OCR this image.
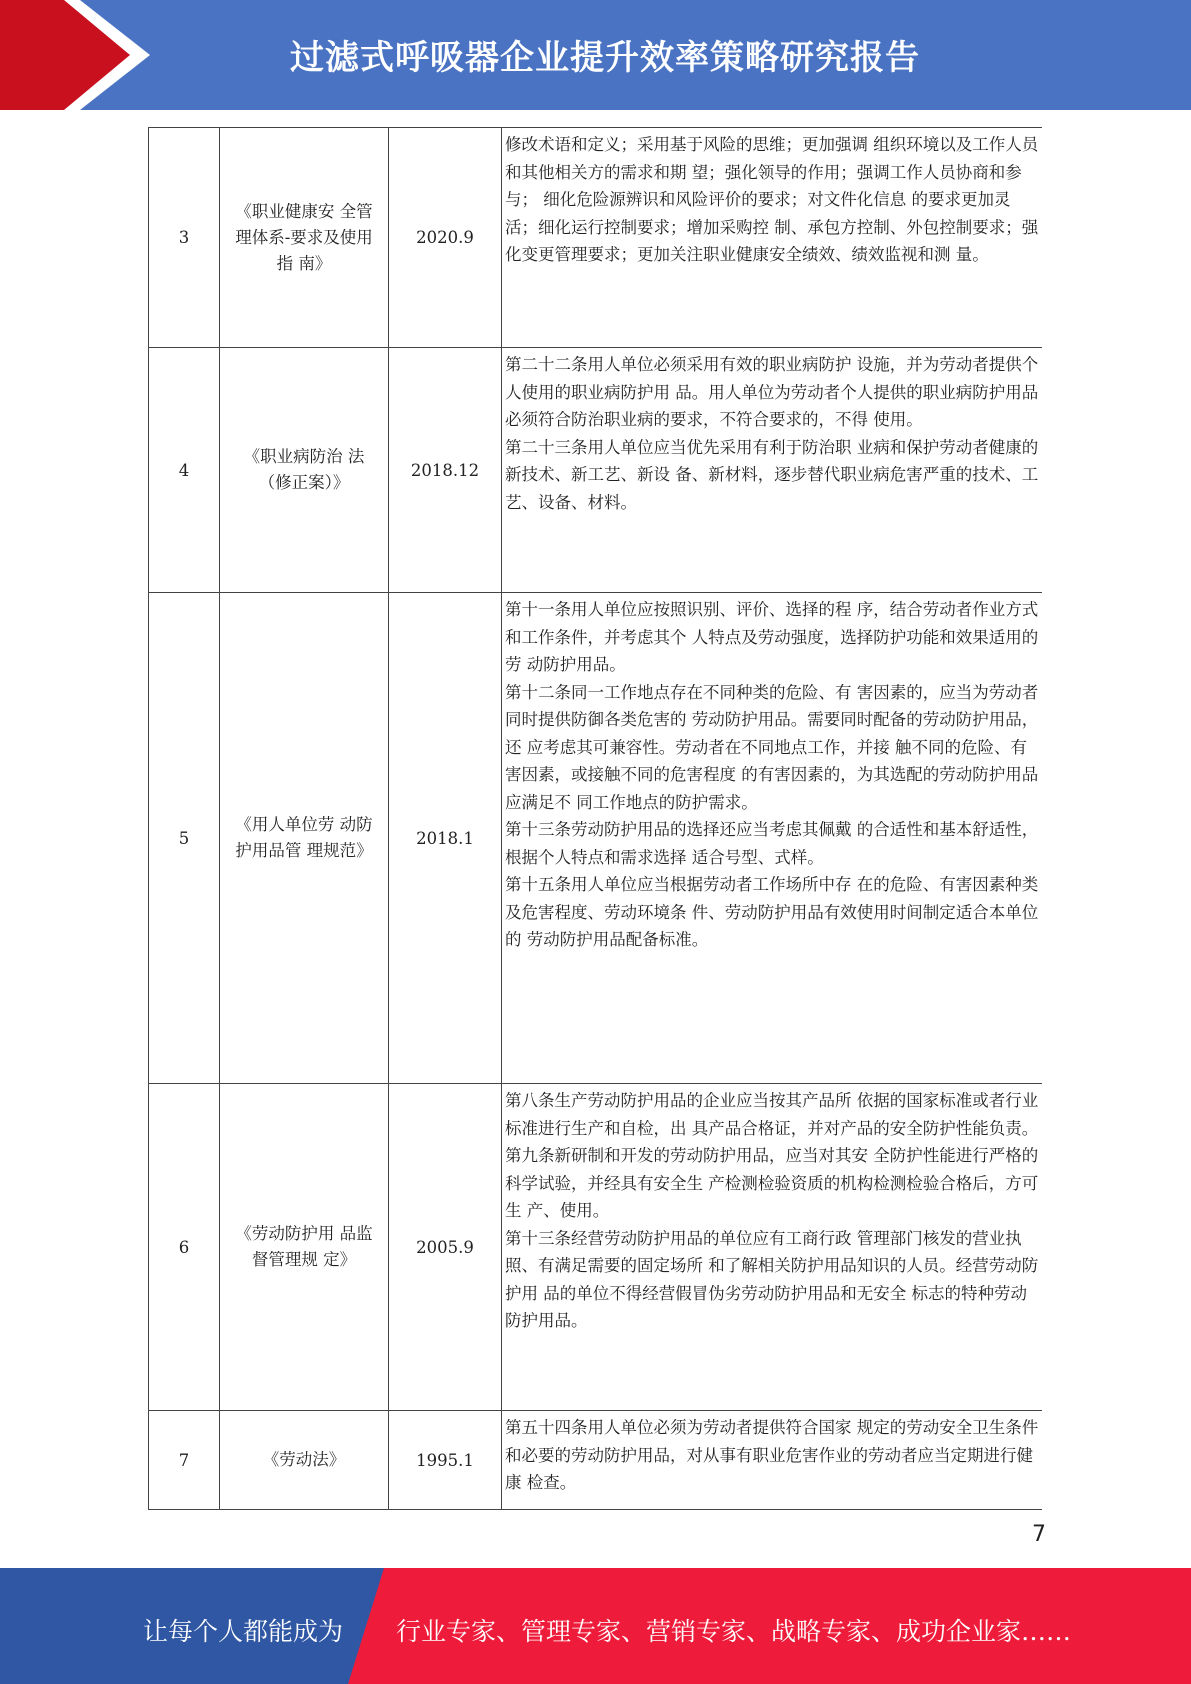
过滤式呼吸器企业提升效率策略研究报告
3	《职业健康安 全管理体系-要求及使用指 南》	2020.9	修改术语和定义；采用基于风险的思维；更加强调 组织环境以及工作人员和其他相关方的需求和期 望；强化领导的作用；强调工作人员协商和参与； 细化危险源辨识和风险评价的要求；对文件化信息 的要求更加灵活；细化运行控制要求；增加采购控 制、承包方控制、外包控制要求；强化变更管理要求；更加关注职业健康安全绩效、绩效监视和测 量。

4	《职业病防治 法（修正案）》	2018.12	第二十二条用人单位必须采用有效的职业病防护 设施，并为劳动者提供个人使用的职业病防护用 品。用人单位为劳动者个人提供的职业病防护用品 必须符合防治职业病的要求，不符合要求的，不得 使用。
第二十三条用人单位应当优先采用有利于防治职 业病和保护劳动者健康的新技术、新工艺、新设 备、新材料，逐步替代职业病危害严重的技术、工 艺、设备、材料。

5	《用人单位劳 动防护用品管 理规范》	2018.1	第十一条用人单位应按照识别、评价、选择的程 序，结合劳动者作业方式和工作条件，并考虑其个 人特点及劳动强度，选择防护功能和效果适用的劳 动防护用品。
第十二条同一工作地点存在不同种类的危险、有 害因素的，应当为劳动者同时提供防御各类危害的 劳动防护用品。需要同时配备的劳动防护用品，还 应考虑其可兼容性。劳动者在不同地点工作，并接 触不同的危险、有害因素，或接触不同的危害程度 的有害因素的，为其选配的劳动防护用品应满足不 同工作地点的防护需求。
第十三条劳动防护用品的选择还应当考虑其佩戴 的合适性和基本舒适性，根据个人特点和需求选择 适合号型、式样。
第十五条用人单位应当根据劳动者工作场所中存 在的危险、有害因素种类及危害程度、劳动环境条 件、劳动防护用品有效使用时间制定适合本单位的 劳动防护用品配备标准。

6	《劳动防护用 品监督管理规 定》	2005.9	第八条生产劳动防护用品的企业应当按其产品所 依据的国家标准或者行业标准进行生产和自检，出 具产品合格证，并对产品的安全防护性能负责。 第九条新研制和开发的劳动防护用品，应当对其安 全防护性能进行严格的科学试验，并经具有安全生 产检测检验资质的机构检测检验合格后，方可生 产、使用。
第十三条经营劳动防护用品的单位应有工商行政 管理部门核发的营业执照、有满足需要的固定场所 和了解相关防护用品知识的人员。经营劳动防护用 品的单位不得经营假冒伪劣劳动防护用品和无安全 标志的特种劳动防护用品。

7	《劳动法》	1995.1	第五十四条用人单位必须为劳动者提供符合国家 规定的劳动安全卫生条件和必要的劳动防护用品，对从事有职业危害作业的劳动者应当定期进行健康 检查。
7
让每个人都能成为 行业专家、管理专家、营销专家、战略专家、成功企业家……
